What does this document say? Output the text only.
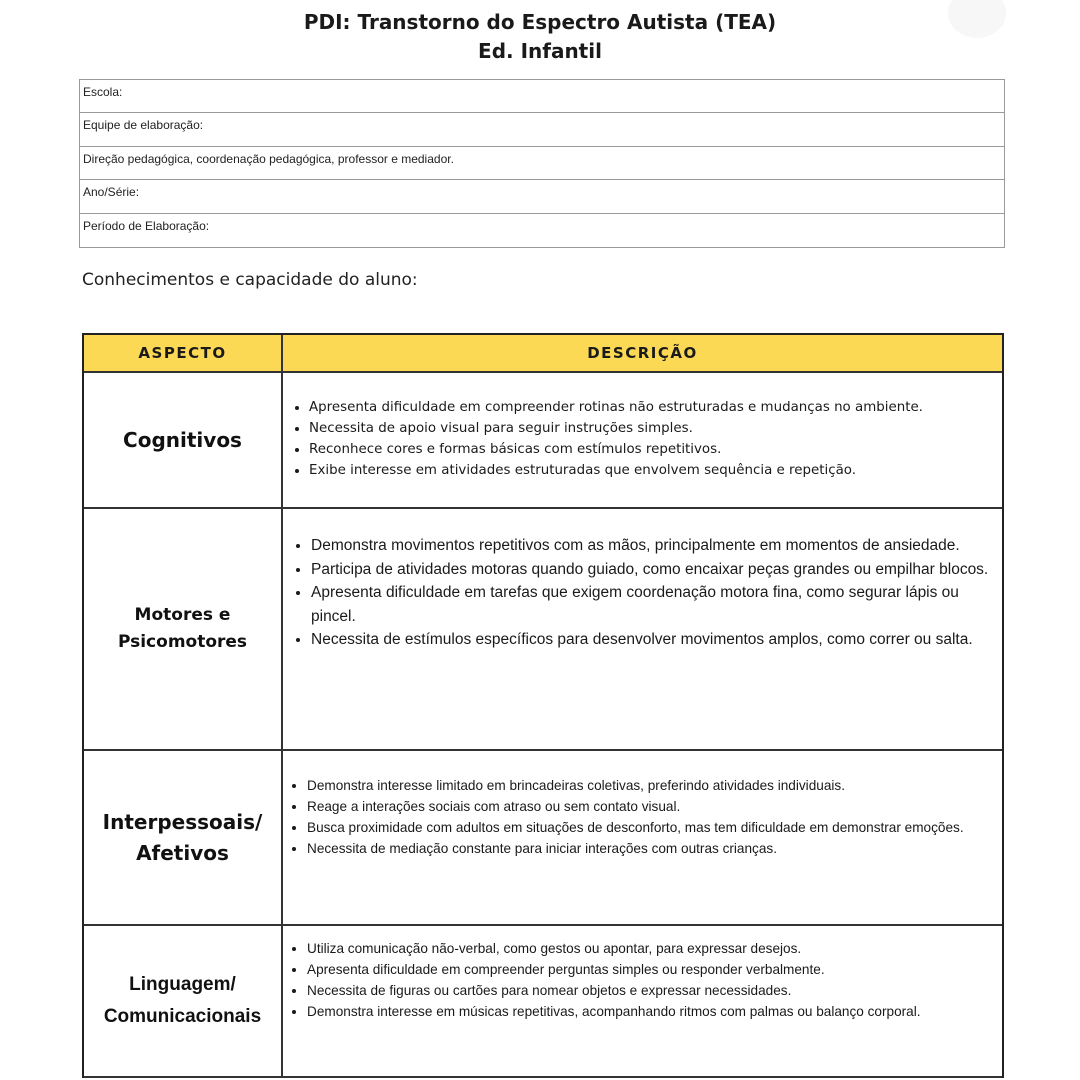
PDI: Transtorno do Espectro Autista (TEA)
Ed. Infantil
Escola:
Equipe de elaboração:
Direção pedagógica, coordenação pedagógica, professor e mediador.
Ano/Série:
Período de Elaboração:
Conhecimentos e capacidade do aluno:
ASPECTO	DESCRIÇÃO
Cognitivos
• Apresenta dificuldade em compreender rotinas não estruturadas e mudanças no ambiente.
• Necessita de apoio visual para seguir instruções simples.
• Reconhece cores e formas básicas com estímulos repetitivos.
• Exibe interesse em atividades estruturadas que envolvem sequência e repetição.
Motores e
Psicomotores
• Demonstra movimentos repetitivos com as mãos, principalmente em momentos de ansiedade.
• Participa de atividades motoras quando guiado, como encaixar peças grandes ou empilhar blocos.
• Apresenta dificuldade em tarefas que exigem coordenação motora fina, como segurar lápis ou pincel.
• Necessita de estímulos específicos para desenvolver movimentos amplos, como correr ou salta.
Interpessoais/
Afetivos
• Demonstra interesse limitado em brincadeiras coletivas, preferindo atividades individuais.
• Reage a interações sociais com atraso ou sem contato visual.
• Busca proximidade com adultos em situações de desconforto, mas tem dificuldade em demonstrar emoções.
• Necessita de mediação constante para iniciar interações com outras crianças.
Linguagem/
Comunicacionais
• Utiliza comunicação não-verbal, como gestos ou apontar, para expressar desejos.
• Apresenta dificuldade em compreender perguntas simples ou responder verbalmente.
• Necessita de figuras ou cartões para nomear objetos e expressar necessidades.
• Demonstra interesse em músicas repetitivas, acompanhando ritmos com palmas ou balanço corporal.
